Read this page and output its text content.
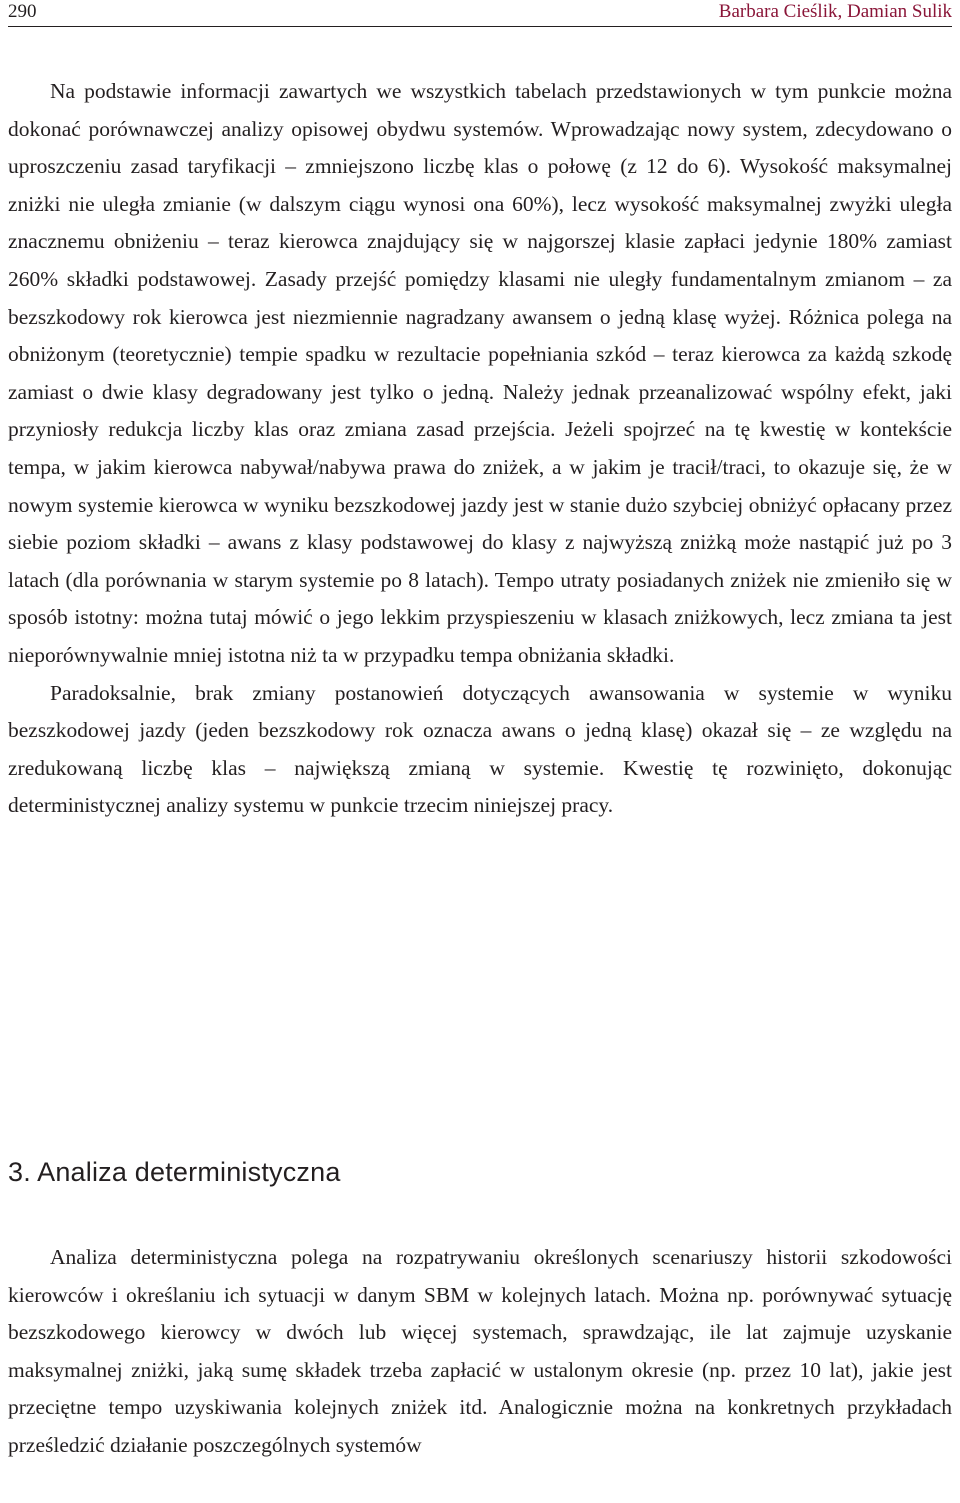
290	Barbara Cieślik, Damian Sulik

Na podstawie informacji zawartych we wszystkich tabelach przedstawionych w tym punkcie można dokonać porównawczej analizy opisowej obydwu systemów. Wprowadzając nowy system, zdecydowano o uproszczeniu zasad taryfikacji – zmniejszono liczbę klas o połowę (z 12 do 6). Wysokość maksymalnej zniżki nie uległa zmianie (w dalszym ciągu wynosi ona 60%), lecz wysokość maksymalnej zwyżki uległa znacznemu obniżeniu – teraz kierowca znajdujący się w najgorszej klasie zapłaci jedynie 180% zamiast 260% składki podstawowej. Zasady przejść pomiędzy klasami nie uległy fundamentalnym zmianom – za bezszkodowy rok kierowca jest niezmiennie nagradzany awansem o jedną klasę wyżej. Różnica polega na obniżonym (teoretycznie) tempie spadku w rezultacie popełniania szkód – teraz kierowca za każdą szkodę zamiast o dwie klasy degradowany jest tylko o jedną. Należy jednak przeanalizować wspólny efekt, jaki przyniosły redukcja liczby klas oraz zmiana zasad przejścia. Jeżeli spojrzeć na tę kwestię w kontekście tempa, w jakim kierowca nabywał/nabywa prawa do zniżek, a w jakim je tracił/traci, to okazuje się, że w nowym systemie kierowca w wyniku bezszkodowej jazdy jest w stanie dużo szybciej obniżyć opłacany przez siebie poziom składki – awans z klasy podstawowej do klasy z najwyższą zniżką może nastąpić już po 3 latach (dla porównania w starym systemie po 8 latach). Tempo utraty posiadanych zniżek nie zmieniło się w sposób istotny: można tutaj mówić o jego lekkim przyspieszeniu w klasach zniżkowych, lecz zmiana ta jest nieporównywalnie mniej istotna niż ta w przypadku tempa obniżania składki.

Paradoksalnie, brak zmiany postanowień dotyczących awansowania w systemie w wyniku bezszkodowej jazdy (jeden bezszkodowy rok oznacza awans o jedną klasę) okazał się – ze względu na zredukowaną liczbę klas – największą zmianą w systemie. Kwestię tę rozwinięto, dokonując deterministycznej analizy systemu w punkcie trzecim niniejszej pracy.

3. Analiza deterministyczna

Analiza deterministyczna polega na rozpatrywaniu określonych scenariuszy historii szkodowości kierowców i określaniu ich sytuacji w danym SBM w kolejnych latach. Można np. porównywać sytuację bezszkodowego kierowcy w dwóch lub więcej systemach, sprawdzając, ile lat zajmuje uzyskanie maksymalnej zniżki, jaką sumę składek trzeba zapłacić w ustalonym okresie (np. przez 10 lat), jakie jest przeciętne tempo uzyskiwania kolejnych zniżek itd. Analogicznie można na konkretnych przykładach prześledzić działanie poszczególnych systemów
